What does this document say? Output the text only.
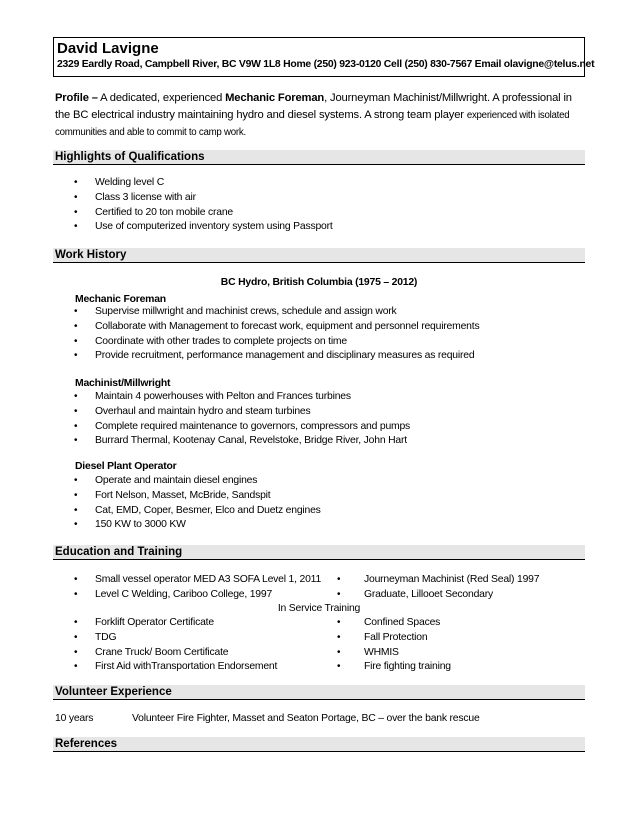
David Lavigne
2329 Eardly Road, Campbell River, BC V9W 1L8 Home (250) 923-0120 Cell (250) 830-7567 Email olavigne@telus.net
Profile – A dedicated, experienced Mechanic Foreman, Journeyman Machinist/Millwright. A professional in the BC electrical industry maintaining hydro and diesel systems. A strong team player experienced with isolated communities and able to commit to camp work.
Highlights of Qualifications
• Welding level C
• Class 3 license with air
• Certified to 20 ton mobile crane
• Use of computerized inventory system using Passport
Work History
BC Hydro, British Columbia (1975 – 2012)
Mechanic Foreman
• Supervise millwright and machinist crews, schedule and assign work
• Collaborate with Management to forecast work, equipment and personnel requirements
• Coordinate with other trades to complete projects on time
• Provide recruitment, performance management and disciplinary measures as required
Machinist/Millwright
• Maintain 4 powerhouses with Pelton and Frances turbines
• Overhaul and maintain hydro and steam turbines
• Complete required maintenance to governors, compressors and pumps
• Burrard Thermal, Kootenay Canal, Revelstoke, Bridge River, John Hart
Diesel Plant Operator
• Operate and maintain diesel engines
• Fort Nelson, Masset, McBride, Sandspit
• Cat, EMD, Coper, Besmer, Elco and Duetz engines
• 150 KW to 3000 KW
Education and Training
• Small vessel operator MED A3 SOFA Level 1, 2011
• Level C Welding, Cariboo College, 1997
• Journeyman Machinist (Red Seal) 1997
• Graduate, Lillooet Secondary
In Service Training
• Forklift Operator Certificate
• TDG
• Crane Truck/ Boom Certificate
• First Aid withTransportation Endorsement
• Confined Spaces
• Fall Protection
• WHMIS
• Fire fighting training
Volunteer Experience
10 years	Volunteer Fire Fighter, Masset and Seaton Portage, BC – over the bank rescue
References
